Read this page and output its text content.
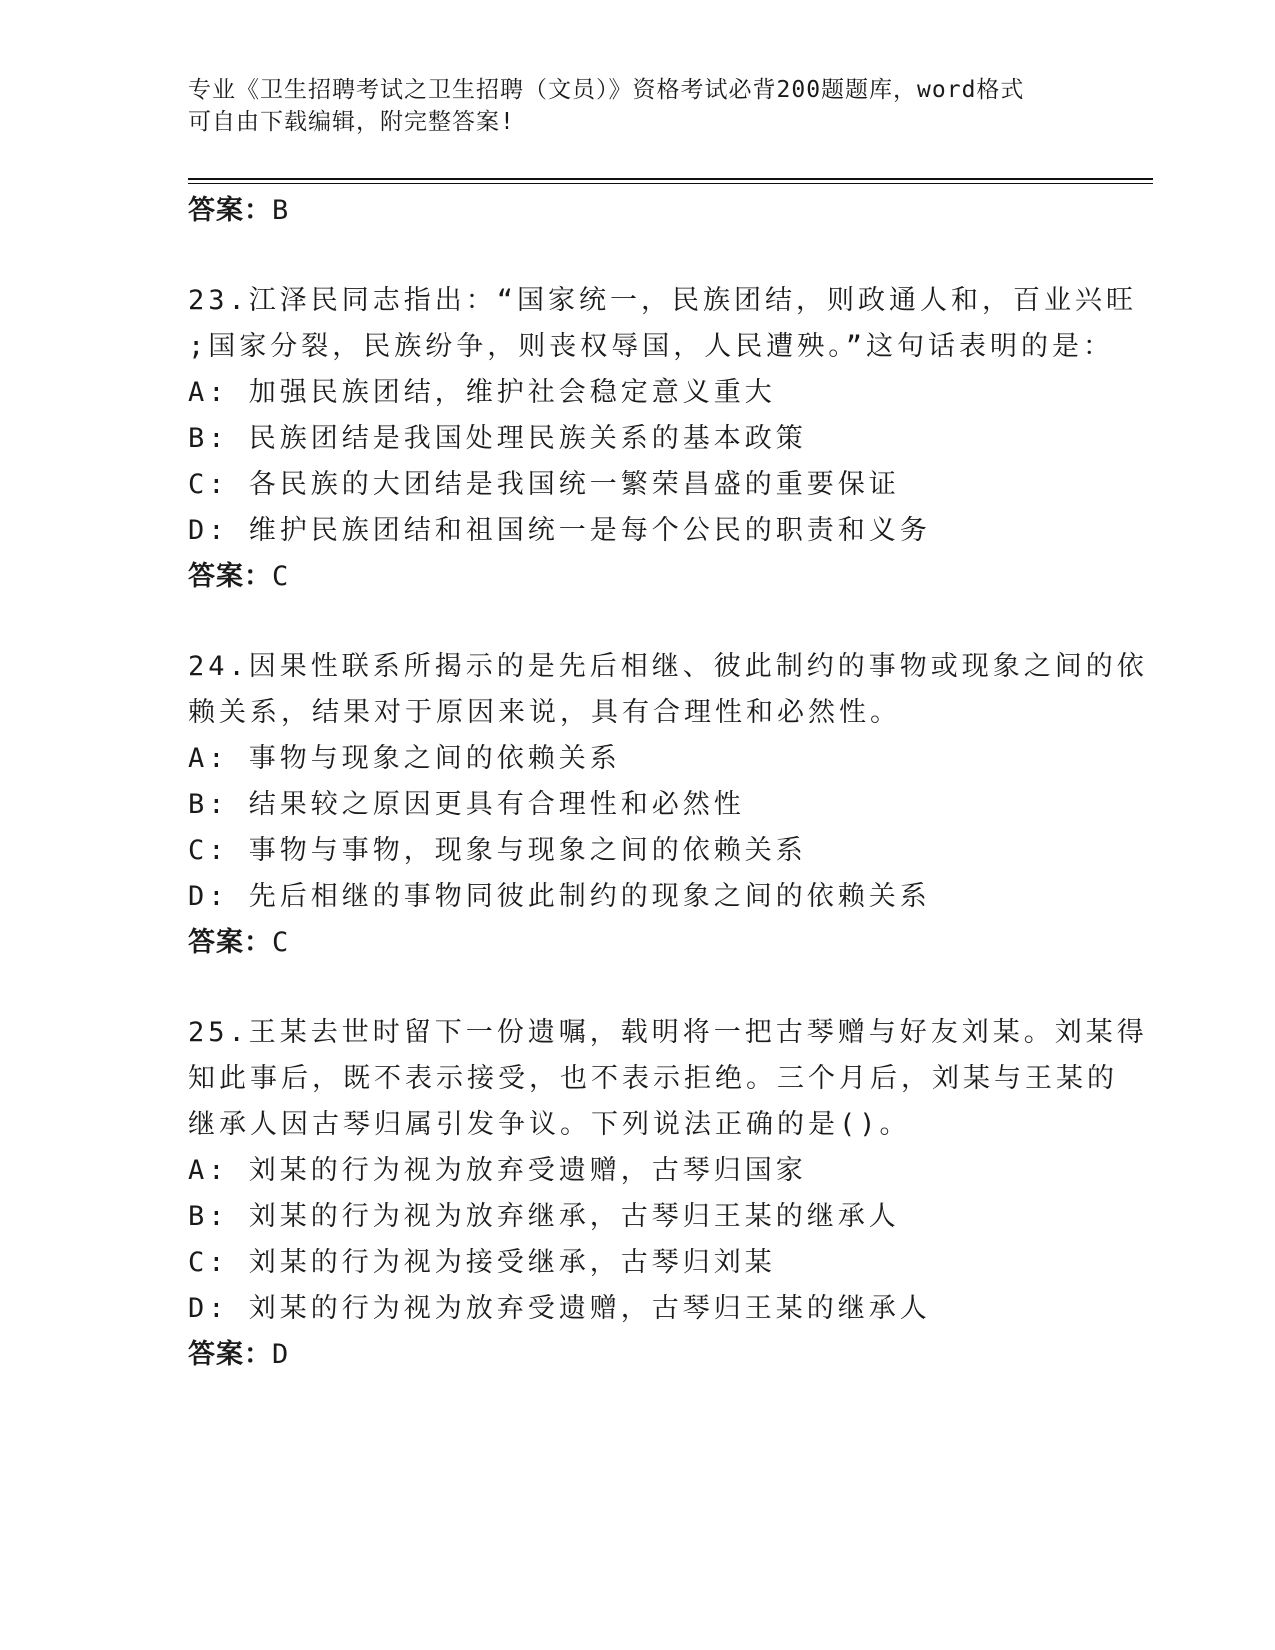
专业《卫生招聘考试之卫生招聘（文员）》资格考试必背200题题库，word格式
可自由下载编辑，附完整答案!
答案：B
23.江泽民同志指出：“国家统一，民族团结，则政通人和，百业兴旺
;国家分裂，民族纷争，则丧权辱国，人民遭殃。”这句话表明的是：
A: 加强民族团结，维护社会稳定意义重大
B: 民族团结是我国处理民族关系的基本政策
C: 各民族的大团结是我国统一繁荣昌盛的重要保证
D: 维护民族团结和祖国统一是每个公民的职责和义务
答案：C
24.因果性联系所揭示的是先后相继、彼此制约的事物或现象之间的依
赖关系，结果对于原因来说，具有合理性和必然性。
A: 事物与现象之间的依赖关系
B: 结果较之原因更具有合理性和必然性
C: 事物与事物，现象与现象之间的依赖关系
D: 先后相继的事物同彼此制约的现象之间的依赖关系
答案：C
25.王某去世时留下一份遗嘱，载明将一把古琴赠与好友刘某。刘某得
知此事后，既不表示接受，也不表示拒绝。三个月后，刘某与王某的
继承人因古琴归属引发争议。下列说法正确的是()。
A: 刘某的行为视为放弃受遗赠，古琴归国家
B: 刘某的行为视为放弃继承，古琴归王某的继承人
C: 刘某的行为视为接受继承，古琴归刘某
D: 刘某的行为视为放弃受遗赠，古琴归王某的继承人
答案：D
